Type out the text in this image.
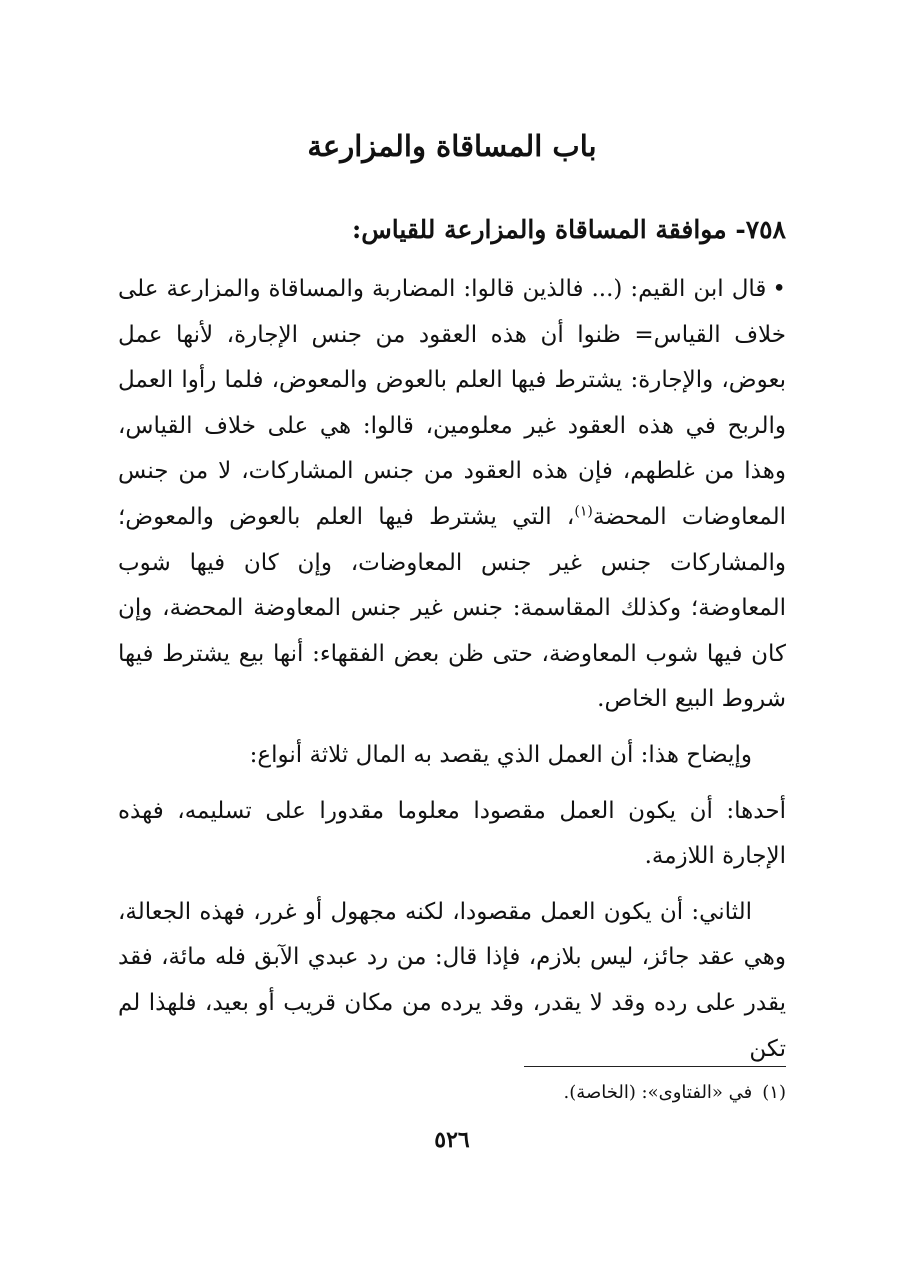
باب المساقاة والمزارعة
٧٥٨- موافقة المساقاة والمزارعة للقياس:

•قال ابن القيم: (... فالذين قالوا: المضاربة والمساقاة والمزارعة على خلاف القياس= ظنوا أن هذه العقود من جنس الإجارة، لأنها عمل بعوض، والإجارة: يشترط فيها العلم بالعوض والمعوض، فلما رأوا العمل والربح في هذه العقود غير معلومين، قالوا: هي على خلاف القياس، وهذا من غلطهم، فإن هذه العقود من جنس المشاركات، لا من جنس المعاوضات المحضة$^{(١)}$، التي يشترط فيها العلم بالعوض والمعوض؛ والمشاركات جنس غير جنس المعاوضات، وإن كان فيها شوب المعاوضة؛ وكذلك المقاسمة: جنس غير جنس المعاوضة المحضة، وإن كان فيها شوب المعاوضة، حتى ظن بعض الفقهاء: أنها بيع يشترط فيها شروط البيع الخاص.

وإيضاح هذا: أن العمل الذي يقصد به المال ثلاثة أنواع:

أحدها: أن يكون العمل مقصودا معلوما مقدورا على تسليمه، فهذه الإجارة اللازمة.

الثاني: أن يكون العمل مقصودا، لكنه مجهول أو غرر، فهذه الجعالة، وهي عقد جائز، ليس بلازم، فإذا قال: من رد عبدي الآبق فله مائة، فقد يقدر على رده وقد لا يقدر، وقد يرده من مكان قريب أو بعيد، فلهذا لم تكن

(١)في «الفتاوى»: (الخاصة).
٥٢٦
